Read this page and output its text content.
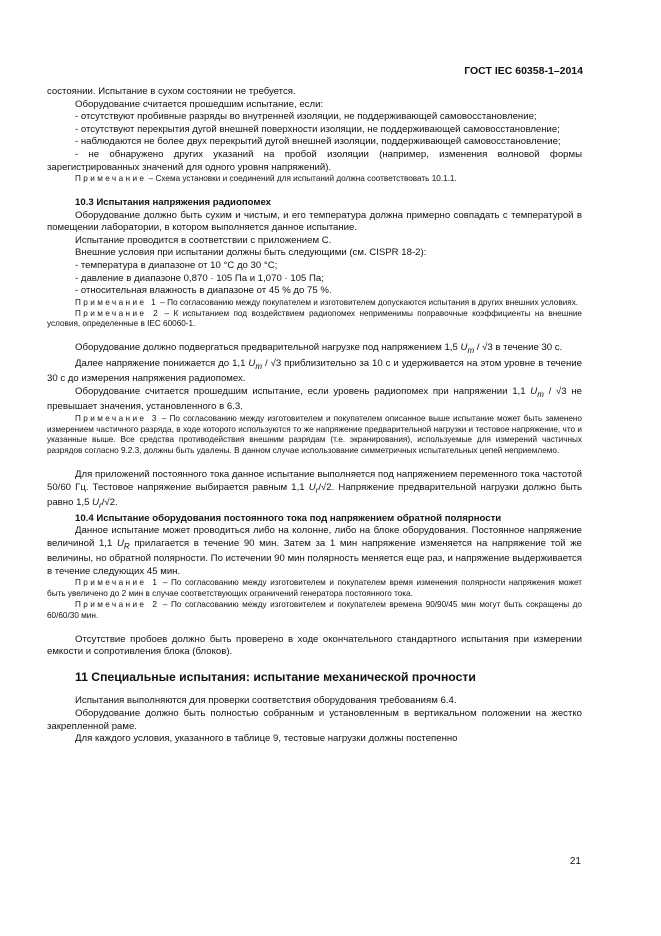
ГОСТ IEC 60358-1–2014

состоянии. Испытание в сухом состоянии не требуется.

Оборудование считается прошедшим испытание, если:

- отсутствуют пробивные разряды во внутренней изоляции, не поддерживающей самовосстановление;

- отсутствуют перекрытия дугой внешней поверхности изоляции, не поддерживающей самовосстановление;

- наблюдаются не более двух перекрытий дугой внешней изоляции, поддерживающей самовосстановление;

- не обнаружено других указаний на пробой изоляции (например, изменения волновой формы зарегистрированных значений для одного уровня напряжений).

Примечание – Схема установки и соединений для испытаний должна соответствовать 10.1.1.

10.3 Испытания напряжения радиопомех

Оборудование должно быть сухим и чистым, и его температура должна примерно совпадать с температурой в помещении лаборатории, в котором выполняется данное испытание.

Испытание проводится в соответствии с приложением С.

Внешние условия при испытании должны быть следующими (см. CISPR 18-2):

- температура в диапазоне от 10 °С до 30 °С;

- давление в диапазоне 0,870 · 105 Па и 1,070 · 105 Па;

- относительная влажность в диапазоне от 45 % до 75 %.

Примечание 1 – По согласованию между покупателем и изготовителем допускаются испытания в других внешних условиях.

Примечание 2 – К испытанием под воздействием радиопомех неприменимы поправочные коэффициенты на внешние условия, определенные в IEC 60060-1.

Оборудование должно подвергаться предварительной нагрузке под напряжением 1,5 $U_m / √3$ в течение 30 с.

Далее напряжение понижается до 1,1 $U_m / √3$ приблизительно за 10 с и удерживается на этом уровне в течение 30 с до измерения напряжения радиопомех.

Оборудование считается прошедшим испытание, если уровень радиопомех при напряжении 1,1 $U_m / √3$ не превышает значения, установленного в 6.3.

Примечание 3 – По согласованию между изготовителем и покупателем описанное выше испытание может быть заменено измерением частичного разряда, в ходе которого используются то же напряжение предварительной нагрузки и тестовое напряжение, что и указанные выше. Все средства противодействия внешним разрядам (т.е. экранирования), используемые для измерений частичных разрядов согласно 9.2.3, должны быть удалены. В данном случае использование симметричных испытательных цепей неприемлемо.

Для приложений постоянного тока данное испытание выполняется под напряжением переменного тока частотой 50/60 Гц. Тестовое напряжение выбирается равным 1,1 $U_r/√2$. Напряжение предварительной нагрузки должно быть равно 1,5 $U_r/√2$.

10.4 Испытание оборудования постоянного тока под напряжением обратной полярности

Данное испытание может проводиться либо на колонне, либо на блоке оборудования. Постоянное напряжение величиной 1,1 $U_R$ прилагается в течение 90 мин. Затем за 1 мин напряжение изменяется на напряжение той же величины, но обратной полярности. По истечении 90 мин полярность меняется еще раз, и напряжение выдерживается в течение следующих 45 мин.

Примечание 1 – По согласованию между изготовителем и покупателем время изменения полярности напряжения может быть увеличено до 2 мин в случае соответствующих ограничений генератора постоянного тока.

Примечание 2 – По согласованию между изготовителем и покупателем времена 90/90/45 мин могут быть сокращены до 60/60/30 мин.

Отсутствие пробоев должно быть проверено в ходе окончательного стандартного испытания при измерении емкости и сопротивления блока (блоков).

11 Специальные испытания: испытание механической прочности

Испытания выполняются для проверки соответствия оборудования требованиям 6.4.

Оборудование должно быть полностью собранным и установленным в вертикальном положении на жестко закрепленной раме.

Для каждого условия, указанного в таблице 9, тестовые нагрузки должны постепенно

21
